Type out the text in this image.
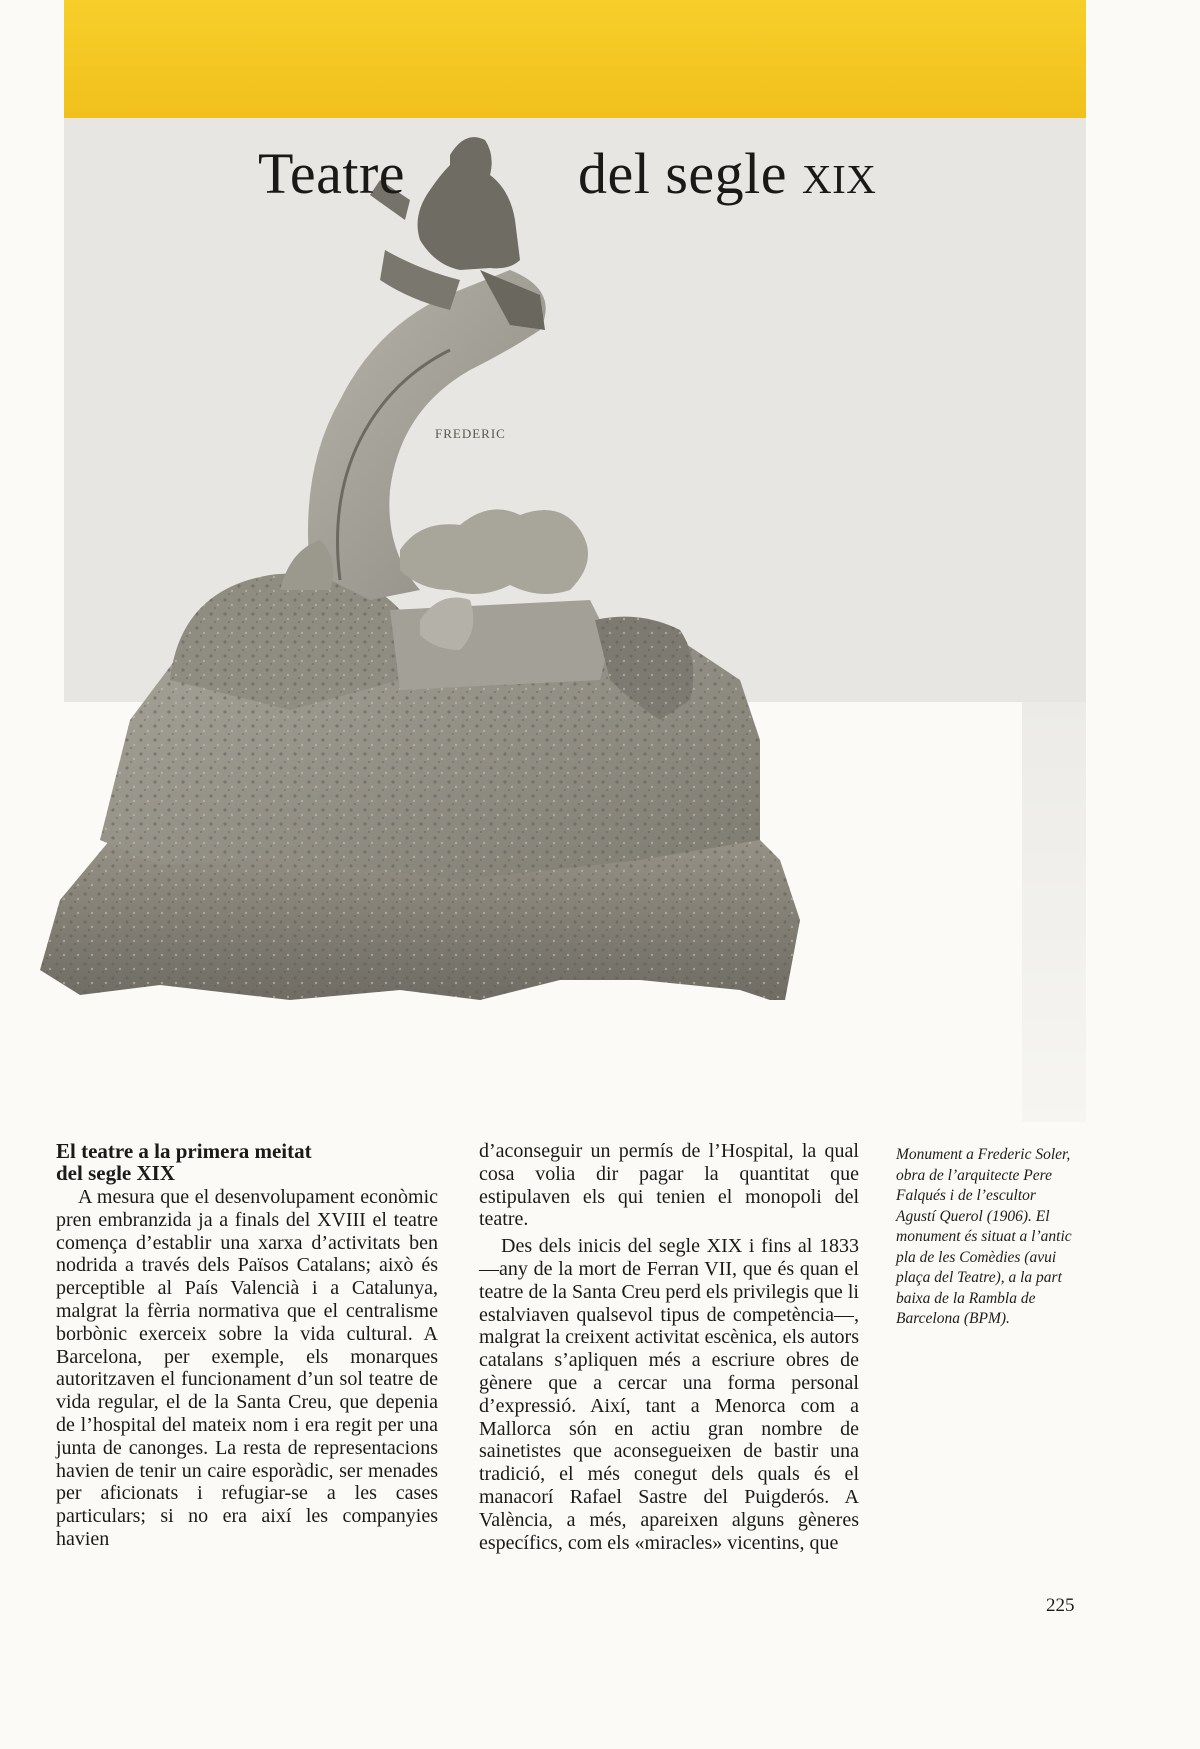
FREDERIC
Teatre	del segle xix
El teatre a la primera meitat
del segle XIX

A mesura que el desenvolupament econòmic pren embranzida ja a finals del XVIII el teatre comença d’establir una xarxa d’activitats ben nodrida a través dels Països Catalans; això és perceptible al País Valencià i a Catalunya, malgrat la fèrria normativa que el centralisme borbònic exerceix sobre la vida cultural. A Barcelona, per exemple, els monarques autoritzaven el funcionament d’un sol teatre de vida regular, el de la Santa Creu, que depenia de l’hospital del mateix nom i era regit per una junta de canonges. La resta de representacions havien de tenir un caire esporàdic, ser menades per aficionats i refugiar-se a les cases particulars; si no era així les companyies havien

d’aconseguir un permís de l’Hospital, la qual cosa volia dir pagar la quantitat que estipulaven els qui tenien el monopoli del teatre.

Des dels inicis del segle XIX i fins al 1833 —any de la mort de Ferran VII, que és quan el teatre de la Santa Creu perd els privilegis que li estalviaven qualsevol tipus de competència—, malgrat la creixent activitat escènica, els autors catalans s’apliquen més a escriure obres de gènere que a cercar una forma personal d’expressió. Així, tant a Menorca com a Mallorca són en actiu gran nombre de sainetistes que aconsegueixen de bastir una tradició, el més conegut dels quals és el manacorí Rafael Sastre del Puigderós. A València, a més, apareixen alguns gèneres específics, com els «miracles» vicentins, que

Monument a Frederic Soler, obra de l’arquitecte Pere Falqués i de l’escultor Agustí Querol (1906). El monument és situat a l’antic pla de les Comèdies (avui plaça del Teatre), a la part baixa de la Rambla de Barcelona (BPM).
225
